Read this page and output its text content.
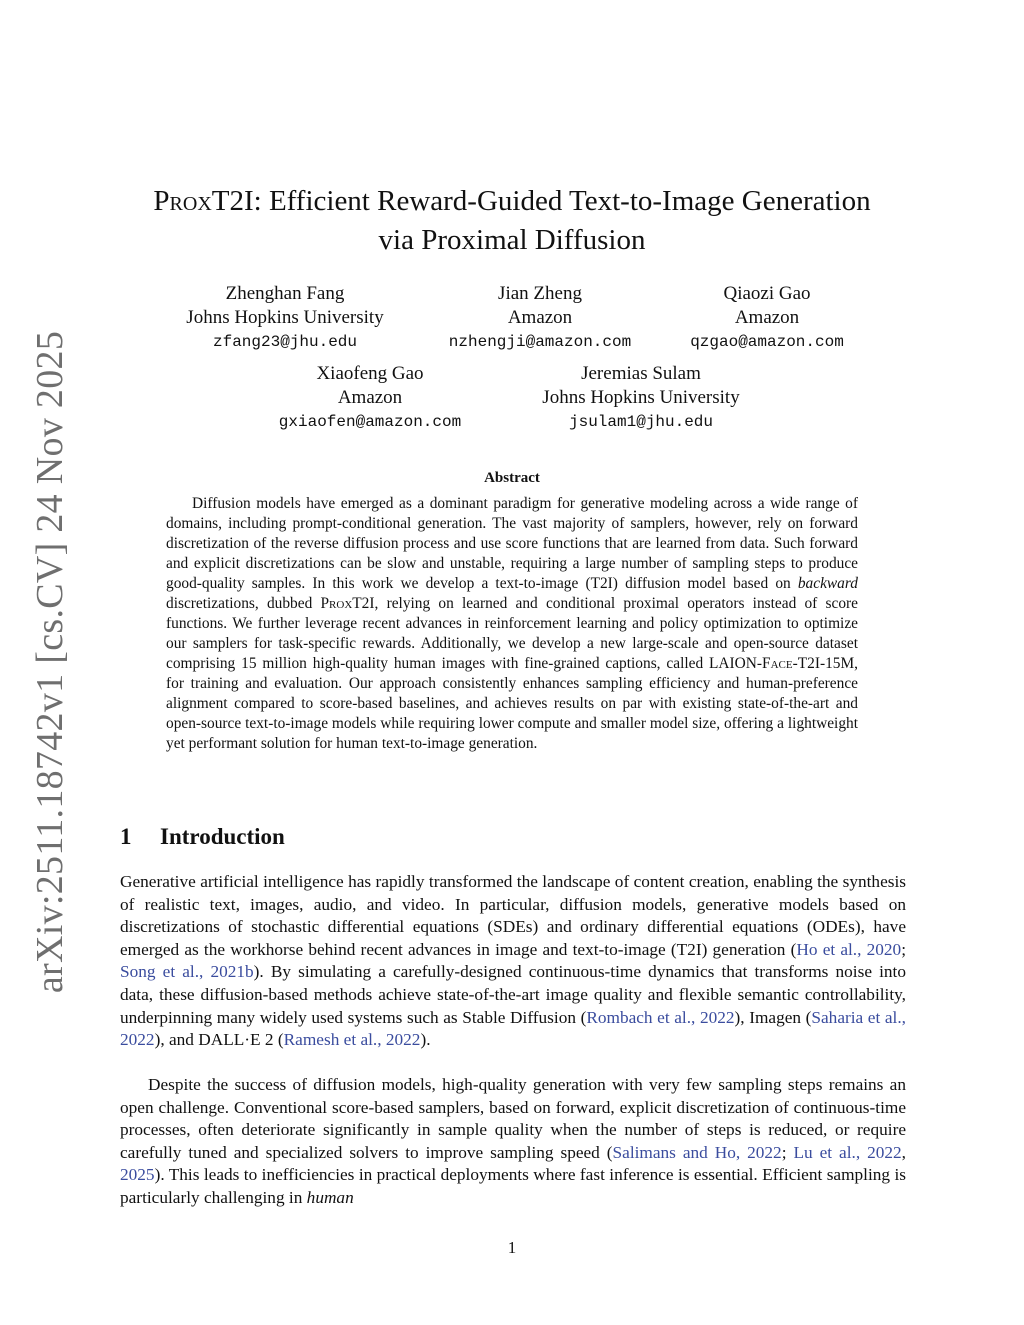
arXiv:2511.18742v1 [cs.CV] 24 Nov 2025
ProxT2I: Efficient Reward-Guided Text-to-Image Generation
via Proximal Diffusion
Zhenghan Fang
Johns Hopkins University
zfang23@jhu.edu
Jian Zheng
Amazon
nzhengji@amazon.com
Qiaozi Gao
Amazon
qzgao@amazon.com
Xiaofeng Gao
Amazon
gxiaofen@amazon.com
Jeremias Sulam
Johns Hopkins University
jsulam1@jhu.edu
Abstract

Diffusion models have emerged as a dominant paradigm for generative modeling across a wide range of domains, including prompt-conditional generation. The vast majority of samplers, however, rely on forward discretization of the reverse diffusion process and use score functions that are learned from data. Such forward and explicit discretizations can be slow and unstable, requiring a large number of sampling steps to produce good-quality samples. In this work we develop a text-to-image (T2I) diffusion model based on backward discretizations, dubbed ProxT2I, relying on learned and conditional proximal operators instead of score functions. We further leverage recent advances in reinforcement learning and policy optimization to optimize our samplers for task-specific rewards. Additionally, we develop a new large-scale and open-source dataset comprising 15 million high-quality human images with fine-grained captions, called LAION-Face-T2I-15M, for training and evaluation. Our approach consistently enhances sampling efficiency and human-preference alignment compared to score-based baselines, and achieves results on par with existing state-of-the-art and open-source text-to-image models while requiring lower compute and smaller model size, offering a lightweight yet performant solution for human text-to-image generation.

1 Introduction

Generative artificial intelligence has rapidly transformed the landscape of content creation, enabling the synthesis of realistic text, images, audio, and video. In particular, diffusion models, generative models based on discretizations of stochastic differential equations (SDEs) and ordinary differential equations (ODEs), have emerged as the workhorse behind recent advances in image and text-to-image (T2I) generation (Ho et al., 2020; Song et al., 2021b). By simulating a carefully-designed continuous-time dynamics that transforms noise into data, these diffusion-based methods achieve state-of-the-art image quality and flexible semantic controllability, underpinning many widely used systems such as Stable Diffusion (Rombach et al., 2022), Imagen (Saharia et al., 2022), and DALL·E 2 (Ramesh et al., 2022).

Despite the success of diffusion models, high-quality generation with very few sampling steps remains an open challenge. Conventional score-based samplers, based on forward, explicit discretization of continuous-time processes, often deteriorate significantly in sample quality when the number of steps is reduced, or require carefully tuned and specialized solvers to improve sampling speed (Salimans and Ho, 2022; Lu et al., 2022, 2025). This leads to inefficiencies in practical deployments where fast inference is essential. Efficient sampling is particularly challenging in human

1
